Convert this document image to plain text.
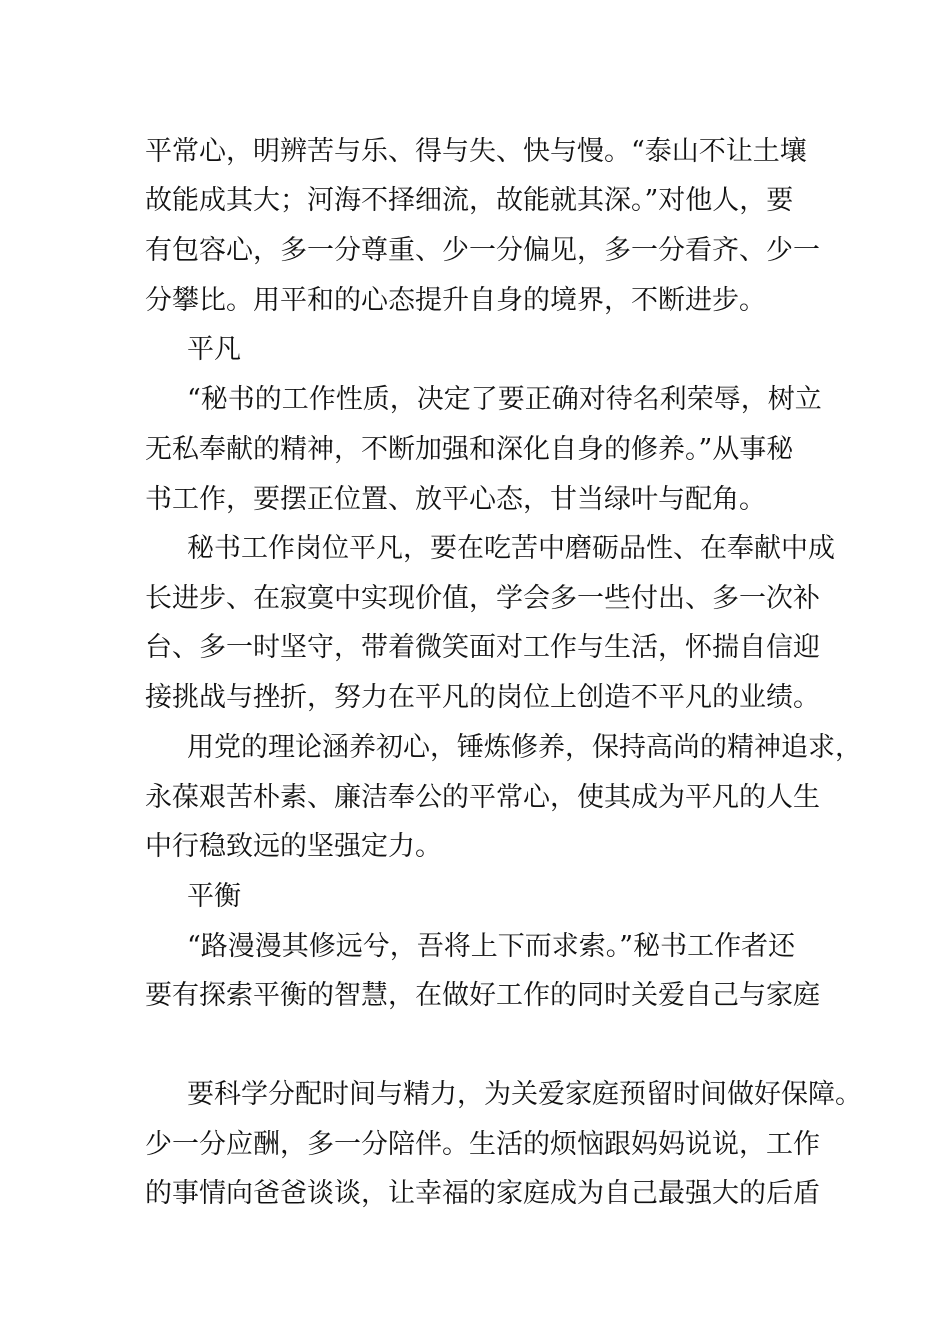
平常心，明辨苦与乐、得与失、快与慢。“泰山不让土壤
故能成其大；河海不择细流，故能就其深。”对他人，要
有包容心，多一分尊重、少一分偏见，多一分看齐、少一
分攀比。用平和的心态提升自身的境界，不断进步。
平凡
“秘书的工作性质，决定了要正确对待名利荣辱，树立
无私奉献的精神，不断加强和深化自身的修养。”从事秘
书工作，要摆正位置、放平心态，甘当绿叶与配角。
秘书工作岗位平凡，要在吃苦中磨砺品性、在奉献中成
长进步、在寂寞中实现价值，学会多一些付出、多一次补
台、多一时坚守，带着微笑面对工作与生活，怀揣自信迎
接挑战与挫折，努力在平凡的岗位上创造不平凡的业绩。
用党的理论涵养初心，锤炼修养，保持高尚的精神追求，
永葆艰苦朴素、廉洁奉公的平常心，使其成为平凡的人生
中行稳致远的坚强定力。
平衡
“路漫漫其修远兮，吾将上下而求索。”秘书工作者还
要有探索平衡的智慧，在做好工作的同时关爱自己与家庭
要科学分配时间与精力，为关爱家庭预留时间做好保障。
少一分应酬，多一分陪伴。生活的烦恼跟妈妈说说，工作
的事情向爸爸谈谈，让幸福的家庭成为自己最强大的后盾
